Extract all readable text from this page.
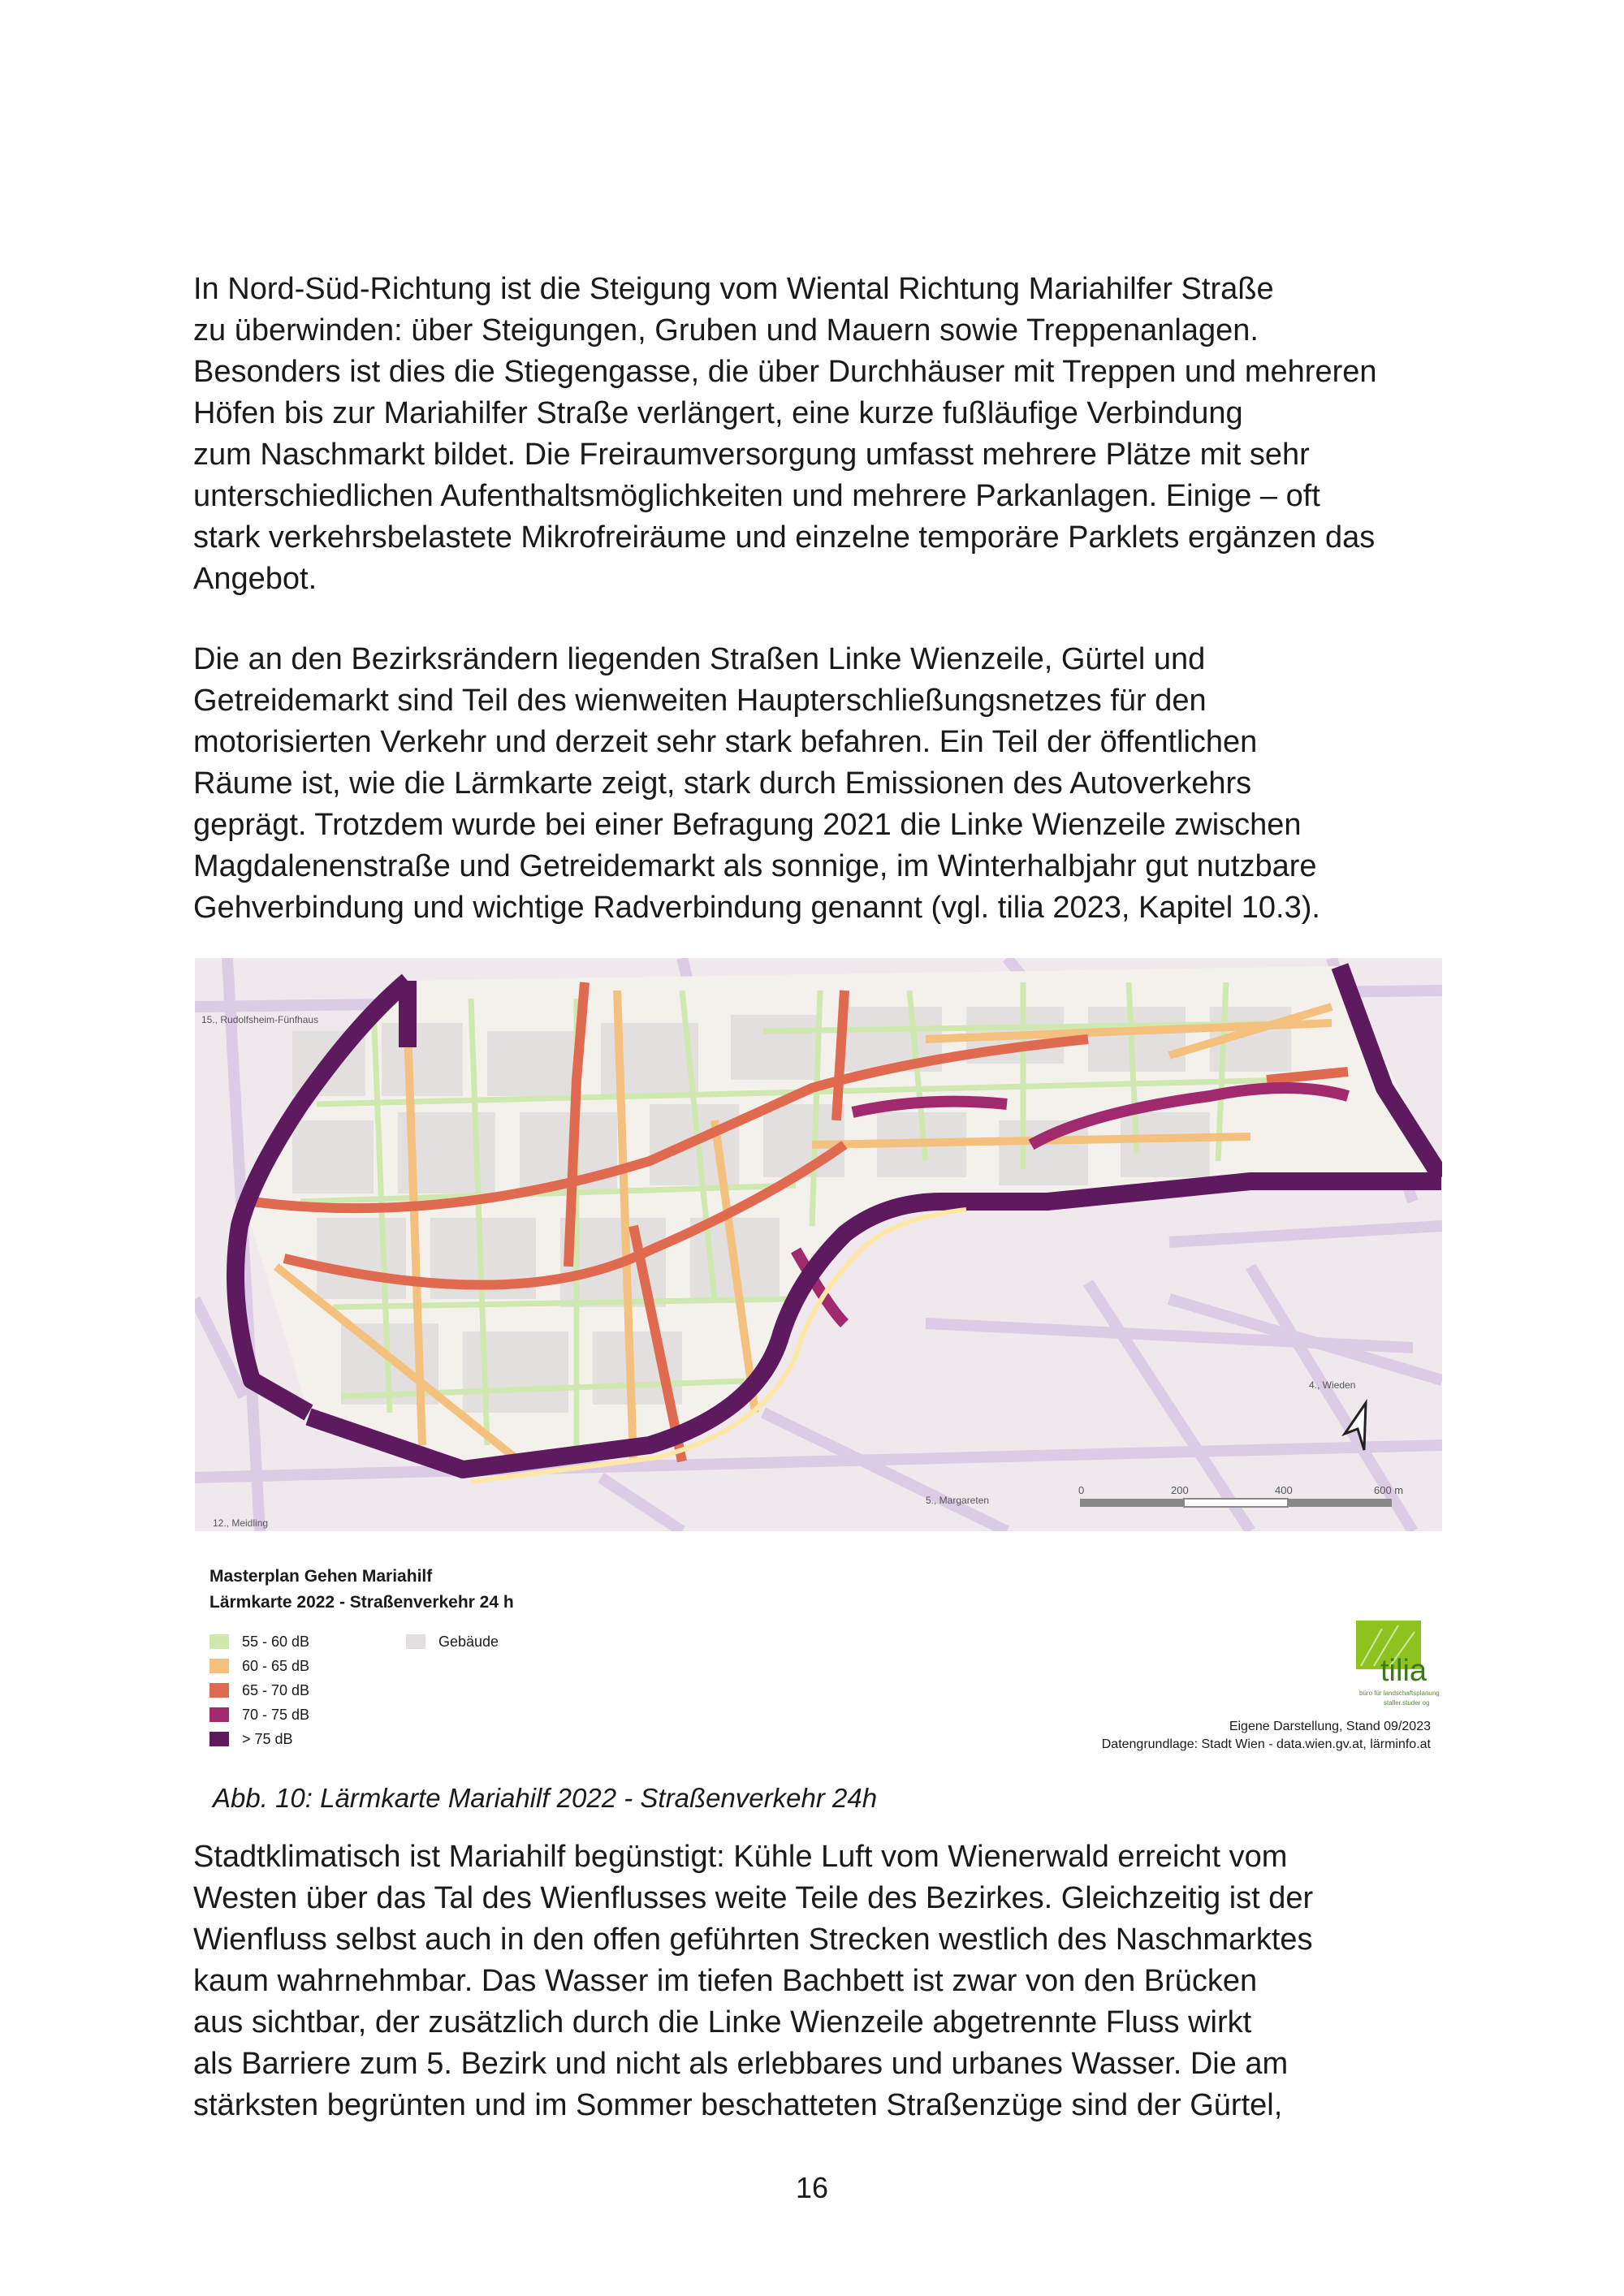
In Nord-Süd-Richtung ist die Steigung vom Wiental Richtung Mariahilfer Straße
zu überwinden: über Steigungen, Gruben und Mauern sowie Treppenanlagen.
Besonders ist dies die Stiegengasse, die über Durchhäuser mit Treppen und mehreren
Höfen bis zur Mariahilfer Straße verlängert, eine kurze fußläufige Verbindung
zum Naschmarkt bildet. Die Freiraumversorgung umfasst mehrere Plätze mit sehr
unterschiedlichen Aufenthaltsmöglichkeiten und mehrere Parkanlagen. Einige – oft
stark verkehrsbelastete Mikrofreiräume und einzelne temporäre Parklets ergänzen das
Angebot.
Die an den Bezirksrändern liegenden Straßen Linke Wienzeile, Gürtel und
Getreidemarkt sind Teil des wienweiten Haupterschließungsnetzes für den
motorisierten Verkehr und derzeit sehr stark befahren. Ein Teil der öffentlichen
Räume ist, wie die Lärmkarte zeigt, stark durch Emissionen des Autoverkehrs
geprägt. Trotzdem wurde bei einer Befragung 2021 die Linke Wienzeile zwischen
Magdalenenstraße und Getreidemarkt als sonnige, im Winterhalbjahr gut nutzbare
Gehverbindung und wichtige Radverbindung genannt (vgl. tilia 2023, Kapitel 10.3).
15., Rudolfsheim-Fünfhaus
12., Meidling
5., Margareten
4., Wieden
0	200	400	600 m
Masterplan Gehen Mariahilf
Lärmkarte 2022 - Straßenverkehr 24 h
55 - 60 dB
60 - 65 dB
65 - 70 dB
70 - 75 dB
> 75 dB
Gebäude
tilia
büro für landschaftsplanung
staller.studer og
Eigene Darstellung, Stand 09/2023
Datengrundlage: Stadt Wien - data.wien.gv.at, lärminfo.at
Abb. 10: Lärmkarte Mariahilf 2022 - Straßenverkehr 24h
Stadtklimatisch ist Mariahilf begünstigt: Kühle Luft vom Wienerwald erreicht vom
Westen über das Tal des Wienflusses weite Teile des Bezirkes. Gleichzeitig ist der
Wienfluss selbst auch in den offen geführten Strecken westlich des Naschmarktes
kaum wahrnehmbar. Das Wasser im tiefen Bachbett ist zwar von den Brücken
aus sichtbar, der zusätzlich durch die Linke Wienzeile abgetrennte Fluss wirkt
als Barriere zum 5. Bezirk und nicht als erlebbares und urbanes Wasser. Die am
stärksten begrünten und im Sommer beschatteten Straßenzüge sind der Gürtel,
16
